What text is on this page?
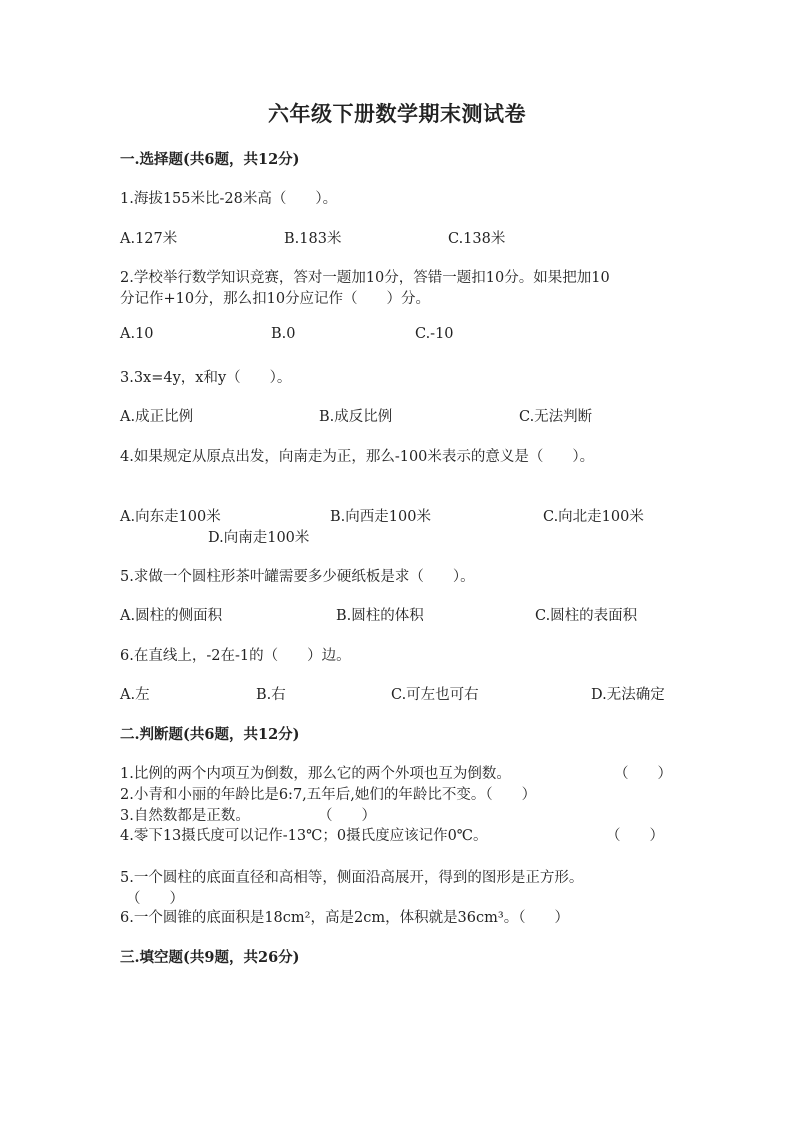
六年级下册数学期末测试卷
一.选择题(共6题，共12分)
1.海拔155米比-28米高（　　）。
A.127米	B.183米	C.138米
2.学校举行数学知识竞赛，答对一题加10分，答错一题扣10分。如果把加10
分记作+10分，那么扣10分应记作（　　）分。
A.10	B.0	C.-10
3.3x=4y，x和y（　　）。
A.成正比例	B.成反比例	C.无法判断
4.如果规定从原点出发，向南走为正，那么-100米表示的意义是（　　）。
A.向东走100米	B.向西走100米	C.向北走100米
D.向南走100米
5.求做一个圆柱形茶叶罐需要多少硬纸板是求（　　）。
A.圆柱的侧面积	B.圆柱的体积	C.圆柱的表面积
6.在直线上，-2在-1的（　　）边。
A.左	B.右	C.可左也可右	D.无法确定
二.判断题(共6题，共12分)
1.比例的两个内项互为倒数，那么它的两个外项也互为倒数。	（　　）
2.小青和小丽的年龄比是6:7,五年后,她们的年龄比不变。（　　）
3.自然数都是正数。	（　　）
4.零下13摄氏度可以记作-13℃；0摄氏度应该记作0℃。	（　　）
5.一个圆柱的底面直径和高相等，侧面沿高展开，得到的图形是正方形。
（　　）
6.一个圆锥的底面积是18cm²，高是2cm，体积就是36cm³。（　　）
三.填空题(共9题，共26分)
